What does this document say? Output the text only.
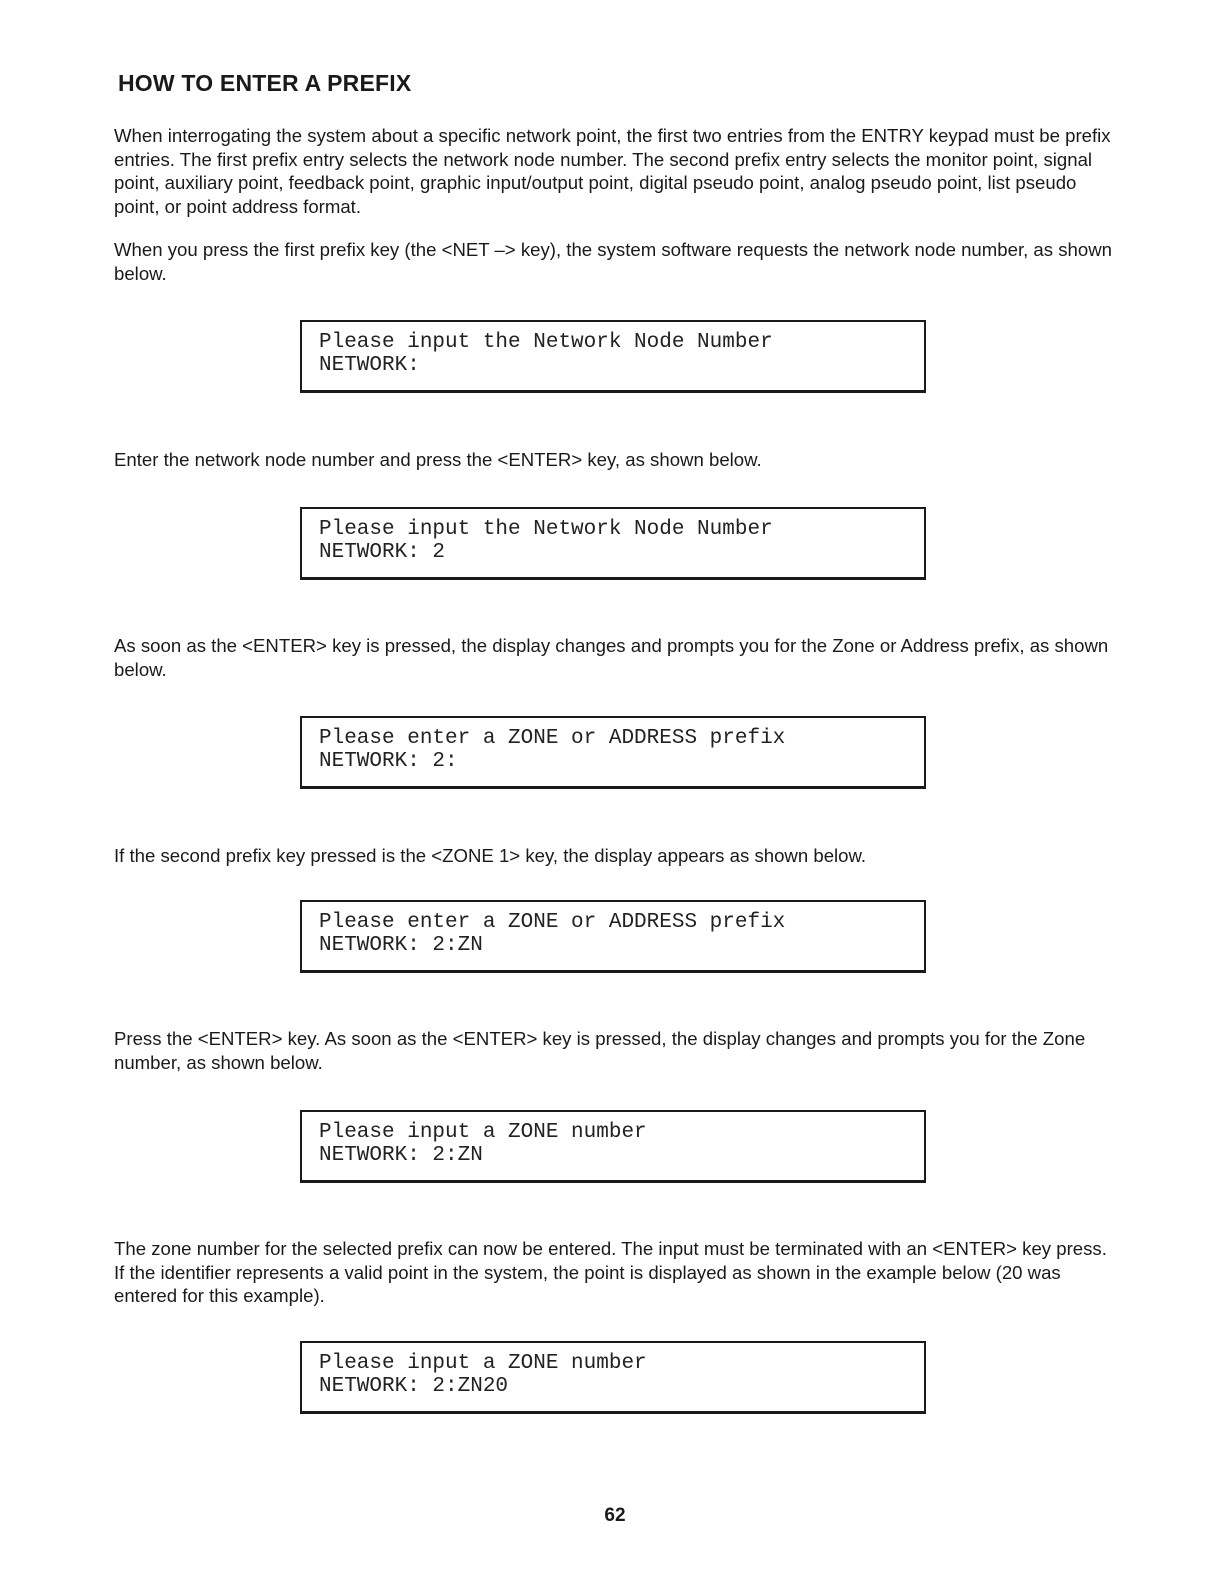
HOW TO ENTER A PREFIX

When interrogating the system about a specific network point, the first two entries from the ENTRY keypad must be prefix entries. The first prefix entry selects the network node number. The second prefix entry selects the monitor point, signal point, auxiliary point, feedback point, graphic input/output point, digital pseudo point, analog pseudo point, list pseudo point, or point address format.

When you press the first prefix key (the <NET –> key), the system software requests the network node number, as shown below.

Please input the Network Node Number
NETWORK:

Enter the network node number and press the <ENTER> key, as shown below.

Please input the Network Node Number
NETWORK: 2

As soon as the <ENTER> key is pressed, the display changes and prompts you for the Zone or Address prefix, as shown below.

Please enter a ZONE or ADDRESS prefix
NETWORK: 2:

If the second prefix key pressed is the <ZONE 1> key, the display appears as shown below.

Please enter a ZONE or ADDRESS prefix
NETWORK: 2:ZN

Press the <ENTER> key. As soon as the <ENTER> key is pressed, the display changes and prompts you for the Zone number, as shown below.

Please input a ZONE number
NETWORK: 2:ZN

The zone number for the selected prefix can now be entered. The input must be terminated with an <ENTER> key press. If the identifier represents a valid point in the system, the point is displayed as shown in the example below (20 was entered for this example).

Please input a ZONE number
NETWORK: 2:ZN20
62
